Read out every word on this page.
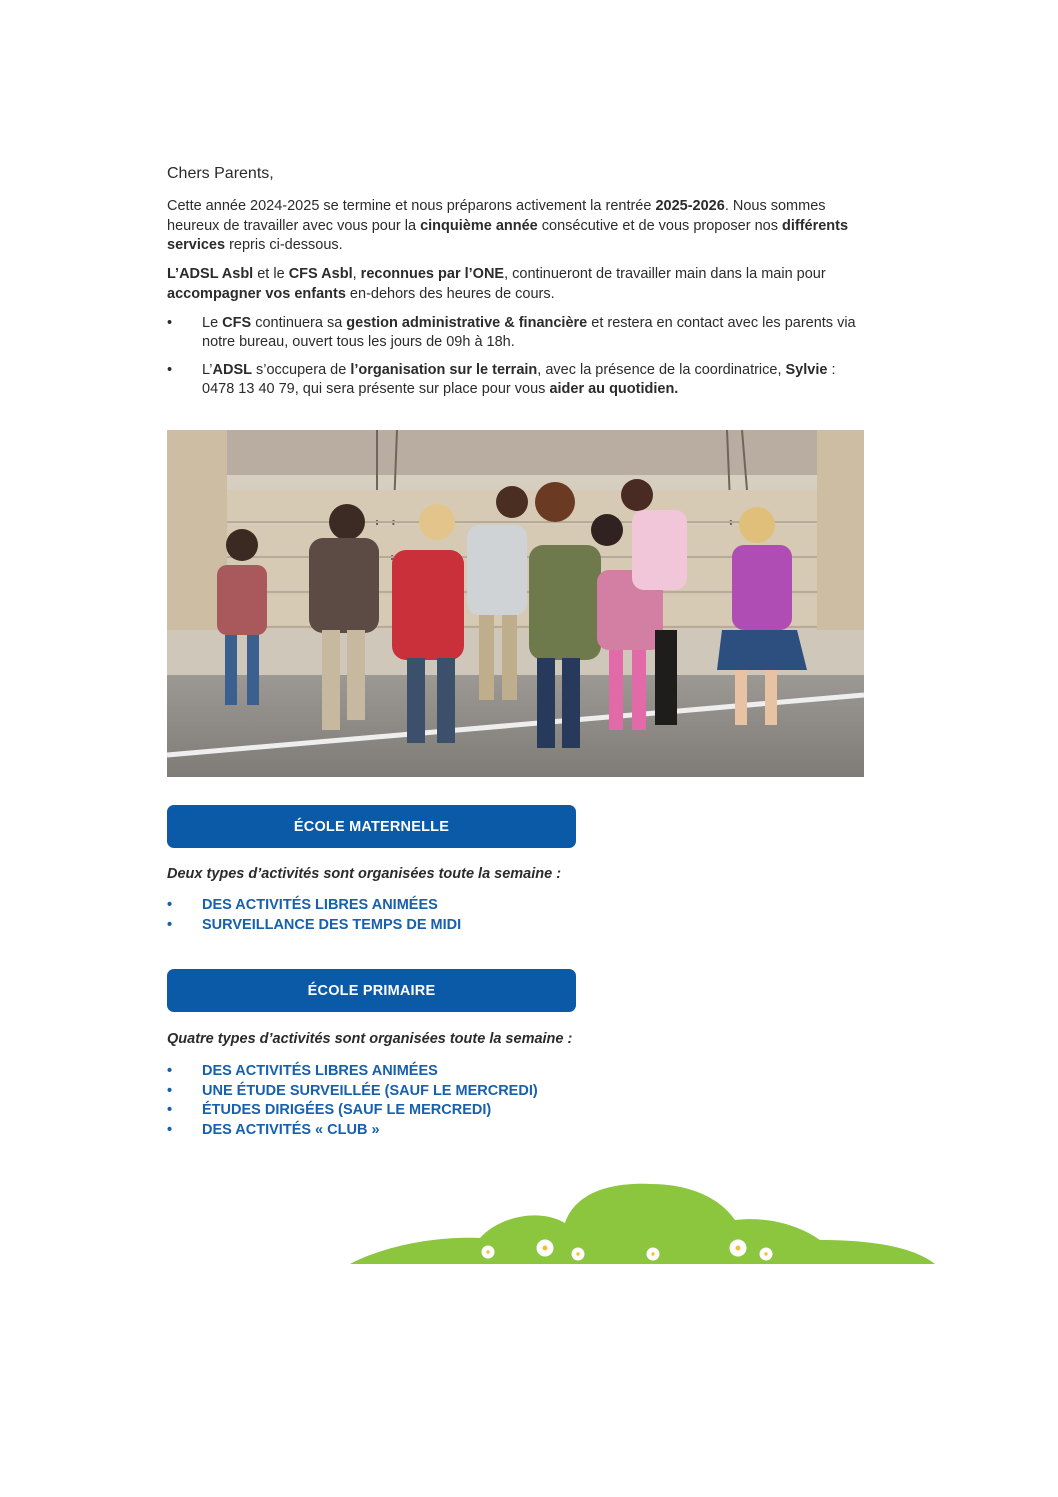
Chers Parents,

Cette année 2024-2025 se termine et nous préparons activement la rentrée 2025-2026. Nous sommes heureux de travailler avec vous pour la cinquième année consécutive et de vous proposer nos différents services repris ci-dessous.

L’ADSL Asbl et le CFS Asbl, reconnues par l’ONE, continueront de travailler main dans la main pour accompagner vos enfants en-dehors des heures de cours.

• Le CFS continuera sa gestion administrative & financière et restera en contact avec les parents via notre bureau, ouvert tous les jours de 09h à 18h.
• L’ADSL s’occupera de l’organisation sur le terrain, avec la présence de la coordinatrice, Sylvie : 0478 13 40 79, qui sera présente sur place pour vous aider au quotidien.
ÉCOLE MATERNELLE

Deux types d’activités sont organisées toute la semaine :

• DES ACTIVITÉS LIBRES ANIMÉES
• SURVEILLANCE DES TEMPS DE MIDI
ÉCOLE PRIMAIRE

Quatre types d’activités sont organisées toute la semaine :

• DES ACTIVITÉS LIBRES ANIMÉES
• UNE ÉTUDE SURVEILLÉE (SAUF LE MERCREDI)
• ÉTUDES DIRIGÉES (SAUF LE MERCREDI)
• DES ACTIVITÉS « CLUB »
